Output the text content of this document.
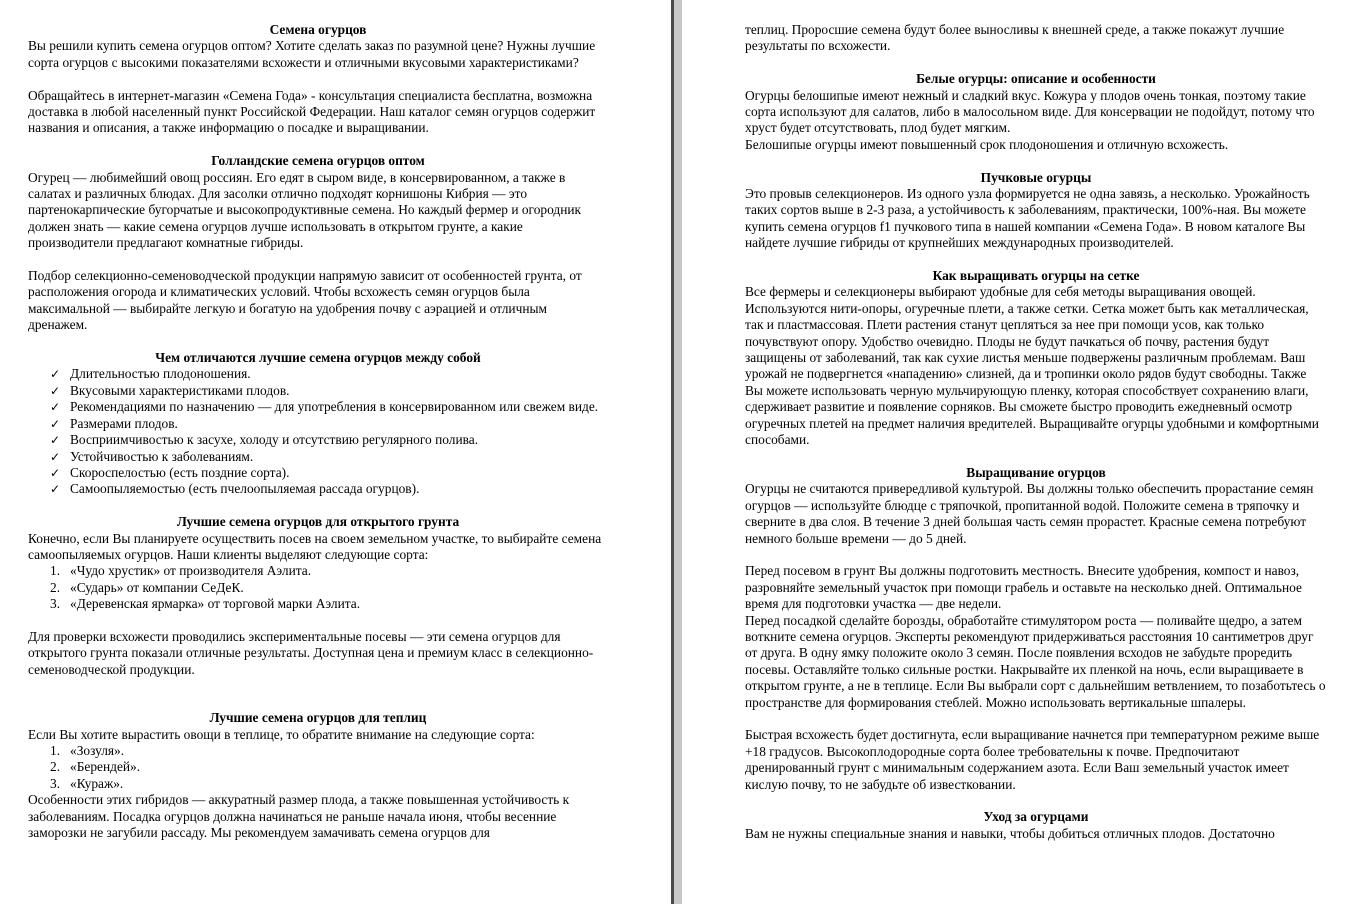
Семена огурцов

Вы решили купить семена огурцов оптом? Хотите сделать заказ по разумной цене? Нужны лучшие сорта огурцов с высокими показателями всхожести и отличными вкусовыми характеристиками?

Обращайтесь в интернет-магазин «Семена Года» - консультация специалиста бесплатна, возможна доставка в любой населенный пункт Российской Федерации. Наш каталог семян огурцов содержит названия и описания, а также информацию о посадке и выращивании.

Голландские семена огурцов оптом

Огурец — любимейший овощ россиян. Его едят в сыром виде, в консервированном, а также в салатах и различных блюдах. Для засолки отлично подходят корнишоны Кибрия — это партенокарпические бугорчатые и высокопродуктивные семена. Но каждый фермер и огородник должен знать — какие семена огурцов лучше использовать в открытом грунте, а какие производители предлагают комнатные гибриды.

Подбор селекционно-семеноводческой продукции напрямую зависит от особенностей грунта, от расположения огорода и климатических условий. Чтобы всхожесть семян огурцов была максимальной — выбирайте легкую и богатую на удобрения почву с аэрацией и отличным дренажем.

Чем отличаются лучшие семена огурцов между собой
✓ Длительностью плодоношения.
✓ Вкусовыми характеристиками плодов.
✓ Рекомендациями по назначению — для употребления в консервированном или свежем виде.
✓ Размерами плодов.
✓ Восприимчивостью к засухе, холоду и отсутствию регулярного полива.
✓ Устойчивостью к заболеваниям.
✓ Скороспелостью (есть поздние сорта).
✓ Самоопыляемостью (есть пчелоопыляемая рассада огурцов).
Лучшие семена огурцов для открытого грунта

Конечно, если Вы планируете осуществить посев на своем земельном участке, то выбирайте семена самоопыляемых огурцов. Наши клиенты выделяют следующие сорта:

1. «Чудо хрустик» от производителя Аэлита.
2. «Сударь» от компании СеДеК.
3. «Деревенская ярмарка» от торговой марки Аэлита.

Для проверки всхожести проводились экспериментальные посевы — эти семена огурцов для открытого грунта показали отличные результаты. Доступная цена и премиум класс в селекционно-семеноводческой продукции.

Лучшие семена огурцов для теплиц

Если Вы хотите вырастить овощи в теплице, то обратите внимание на следующие сорта:

1. «Зозуля».
2. «Берендей».
3. «Кураж».

Особенности этих гибридов — аккуратный размер плода, а также повышенная устойчивость к заболеваниям. Посадка огурцов должна начинаться не раньше начала июня, чтобы весенние заморозки не загубили рассаду. Мы рекомендуем замачивать семена огурцов для

теплиц. Проросшие семена будут более выносливы к внешней среде, а также покажут лучшие результаты по всхожести.

Белые огурцы: описание и особенности

Огурцы белошипые имеют нежный и сладкий вкус. Кожура у плодов очень тонкая, поэтому такие сорта используют для салатов, либо в малосольном виде. Для консервации не подойдут, потому что хруст будет отсутствовать, плод будет мягким.

Белошипые огурцы имеют повышенный срок плодоношения и отличную всхожесть.

Пучковые огурцы

Это провыв селекционеров. Из одного узла формируется не одна завязь, а несколько. Урожайность таких сортов выше в 2-3 раза, а устойчивость к заболеваниям, практически, 100%-ная. Вы можете купить семена огурцов f1 пучкового типа в нашей компании «Семена Года». В новом каталоге Вы найдете лучшие гибриды от крупнейших международных производителей.

Как выращивать огурцы на сетке

Все фермеры и селекционеры выбирают удобные для себя методы выращивания овощей. Используются нити-опоры, огуречные плети, а также сетки. Сетка может быть как металлическая, так и пластмассовая. Плети растения станут цепляться за нее при помощи усов, как только почувствуют опору. Удобство очевидно. Плоды не будут пачкаться об почву, растения будут защищены от заболеваний, так как сухие листья меньше подвержены различным проблемам. Ваш урожай не подвергнется «нападению» слизней, да и тропинки около рядов будут свободны. Также Вы можете использовать черную мульчирующую пленку, которая способствует сохранению влаги, сдерживает развитие и появление сорняков. Вы сможете быстро проводить ежедневный осмотр огуречных плетей на предмет наличия вредителей. Выращивайте огурцы удобными и комфортными способами.

Выращивание огурцов

Огурцы не считаются привередливой культурой. Вы должны только обеспечить прорастание семян огурцов — используйте блюдце с тряпочкой, пропитанной водой. Положите семена в тряпочку и сверните в два слоя. В течение 3 дней большая часть семян прорастет. Красные семена потребуют немного больше времени — до 5 дней.

Перед посевом в грунт Вы должны подготовить местность. Внесите удобрения, компост и навоз, разровняйте земельный участок при помощи грабель и оставьте на несколько дней. Оптимальное время для подготовки участка — две недели.

Перед посадкой сделайте борозды, обработайте стимулятором роста — поливайте щедро, а затем воткните семена огурцов. Эксперты рекомендуют придерживаться расстояния 10 сантиметров друг от друга. В одну ямку положите около 3 семян. После появления всходов не забудьте проредить посевы. Оставляйте только сильные ростки. Накрывайте их пленкой на ночь, если выращиваете в открытом грунте, а не в теплице. Если Вы выбрали сорт с дальнейшим ветвлением, то позаботьтесь о пространстве для формирования стеблей. Можно использовать вертикальные шпалеры.

Быстрая всхожесть будет достигнута, если выращивание начнется при температурном режиме выше +18 градусов. Высокоплодородные сорта более требовательны к почве. Предпочитают дренированный грунт с минимальным содержанием азота. Если Ваш земельный участок имеет кислую почву, то не забудьте об известковании.

Уход за огурцами

Вам не нужны специальные знания и навыки, чтобы добиться отличных плодов. Достаточно
